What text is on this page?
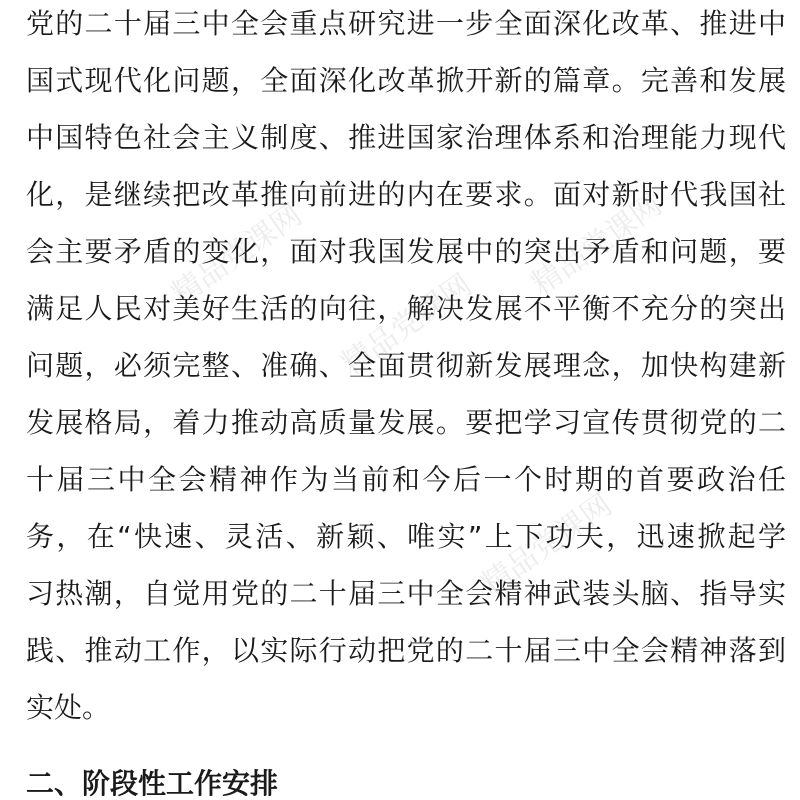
精品党课网
精品党课网
精品党课网
精品党课网
党的二十届三中全会重点研究进一步全面深化改革、推进中
国式现代化问题，全面深化改革掀开新的篇章。完善和发展
中国特色社会主义制度、推进国家治理体系和治理能力现代
化，是继续把改革推向前进的内在要求。面对新时代我国社
会主要矛盾的变化，面对我国发展中的突出矛盾和问题，要
满足人民对美好生活的向往，解决发展不平衡不充分的突出
问题，必须完整、准确、全面贯彻新发展理念，加快构建新
发展格局，着力推动高质量发展。要把学习宣传贯彻党的二
十届三中全会精神作为当前和今后一个时期的首要政治任
务，在“快速、灵活、新颖、唯实”上下功夫，迅速掀起学
习热潮，自觉用党的二十届三中全会精神武装头脑、指导实
践、推动工作，以实际行动把党的二十届三中全会精神落到
实处。
二、阶段性工作安排
